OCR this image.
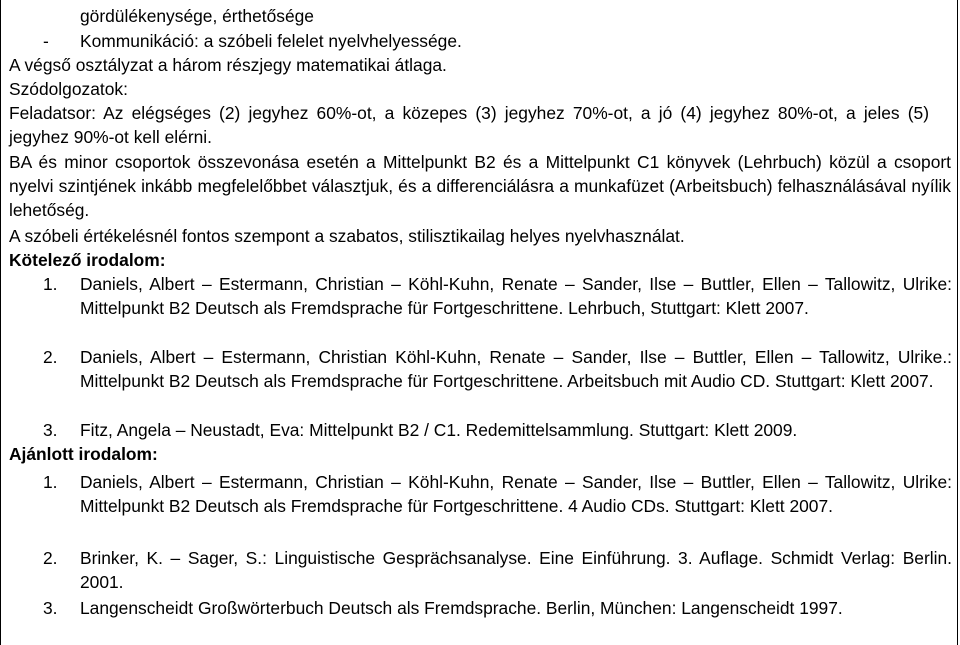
gördülékenysége, érthetősége
- Kommunikáció: a szóbeli felelet nyelvhelyessége.
A végső osztályzat a három részjegy matematikai átlaga.
Szódolgozatok:
Feladatsor: Az elégséges (2) jegyhez 60%-ot, a közepes (3) jegyhez 70%-ot, a jó (4) jegyhez 80%-ot, a jeles (5) jegyhez 90%-ot kell elérni.
BA és minor csoportok összevonása esetén a Mittelpunkt B2 és a Mittelpunkt C1 könyvek (Lehrbuch) közül a csoport nyelvi szintjének inkább megfelelőbbet választjuk, és a differenciálásra a munkafüzet (Arbeitsbuch) felhasználásával nyílik lehetőség.
A szóbeli értékelésnél fontos szempont a szabatos, stilisztikailag helyes nyelvhasználat.
Kötelező irodalom:
1. Daniels, Albert – Estermann, Christian – Köhl-Kuhn, Renate – Sander, Ilse – Buttler, Ellen – Tallowitz, Ulrike: Mittelpunkt B2 Deutsch als Fremdsprache für Fortgeschrittene. Lehrbuch, Stuttgart: Klett 2007.
2. Daniels, Albert – Estermann, Christian Köhl-Kuhn, Renate – Sander, Ilse – Buttler, Ellen – Tallowitz, Ulrike.: Mittelpunkt B2 Deutsch als Fremdsprache für Fortgeschrittene. Arbeitsbuch mit Audio CD. Stuttgart: Klett 2007.
3. Fitz, Angela – Neustadt, Eva: Mittelpunkt B2 / C1. Redemittelsammlung. Stuttgart: Klett 2009.
Ajánlott irodalom:
1. Daniels, Albert – Estermann, Christian – Köhl-Kuhn, Renate – Sander, Ilse – Buttler, Ellen – Tallowitz, Ulrike: Mittelpunkt B2 Deutsch als Fremdsprache für Fortgeschrittene. 4 Audio CDs. Stuttgart: Klett 2007.
2. Brinker, K. – Sager, S.: Linguistische Gesprächsanalyse. Eine Einführung. 3. Auflage. Schmidt Verlag: Berlin. 2001.
3. Langenscheidt Großwörterbuch Deutsch als Fremdsprache. Berlin, München: Langenscheidt 1997.
